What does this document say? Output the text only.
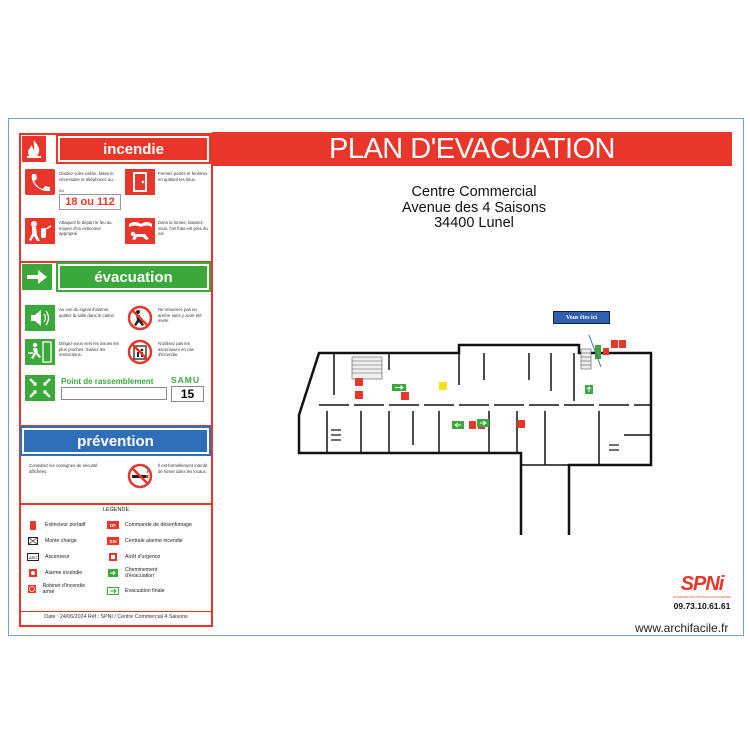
PLAN D'EVACUATION
Centre Commercial
Avenue des 4 Saisons
34400 Lunel
incendie
Gardez votre calme, faites le nécessaire et téléphonez au :
ou
18 ou 112
Fermez portes et fenêtres en quittant les lieux.
Attaquez le départ le feu au moyen d'un extincteur approprié.
Dans la fumée, baissez-vous, l'air frais est près du sol.
évacuation
Au son du signal d'alarme, quittez la salle dans le calme.
Ne retournez pas en arrière sans y avoir été invité.
Dirigez-vous vers les issues les plus proches. Suivez les instructions.
N'utilisez pas les ascenseurs en cas d'incendie.
Point de rassemblement SAMU
15
prévention
Consultez les consignes de sécurité affichées.
Il est formellement interdit de fumer dans les locaux.
LEGENDE
Extincteur portatif
Monte charge
ASC Ascenseur
Alarme incendie
Robinet d'incendie armé
DF	Commande de désenfumage
SSI	Centrale alarme incendie
Arrêt d'urgence
Cheminement d'évacuation
Evacuation finale
Date : 24/06/2024 Réf : SPNI / Centre Commercial 4 Saisons
Vous êtes ici
SPNi
INTERVENTION PROTECTION INCENDIE
09.73.10.61.61
www.archifacile.fr
